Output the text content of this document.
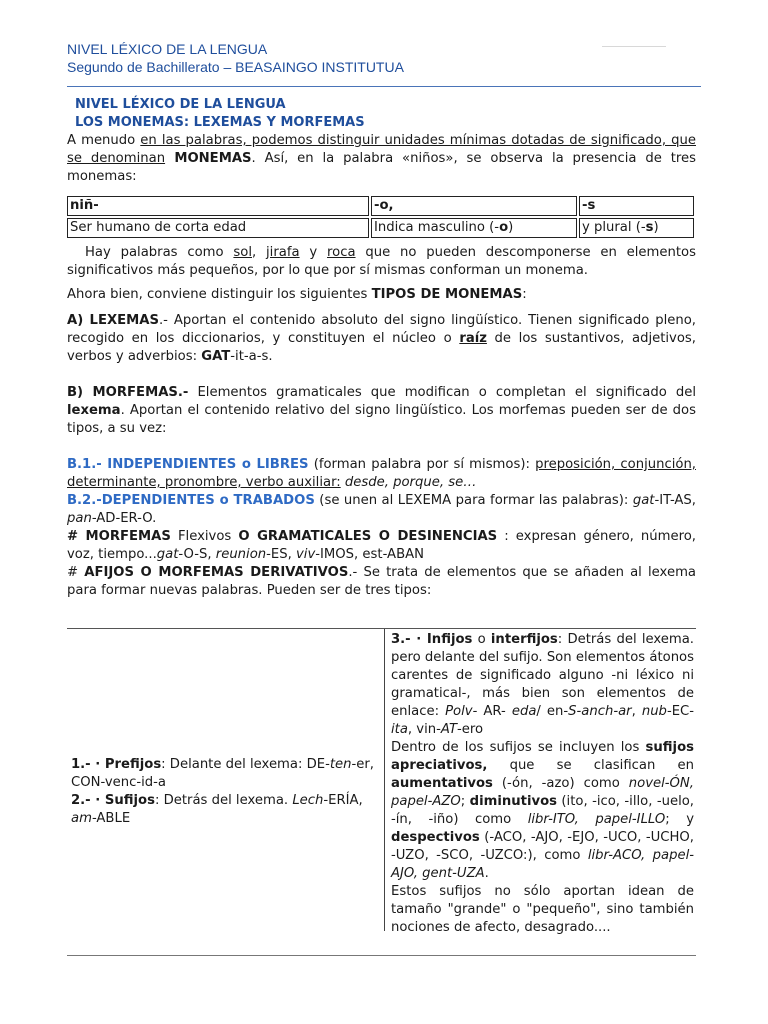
NIVEL LÉXICO DE LA LENGUA
Segundo de Bachillerato – BEASAINGO INSTITUTUA
NIVEL LÉXICO DE LA LENGUA
LOS MONEMAS: LEXEMAS Y MORFEMAS

A menudo en las palabras, podemos distinguir unidades mínimas dotadas de significado, que se denominan MONEMAS. Así, en la palabra «niños», se observa la presencia de tres monemas:

niñ-	-o,	-s
Ser humano de corta edad	Indica masculino (-o)	y plural (-s)

Hay palabras como sol, jirafa y roca que no pueden descomponerse en elementos significativos más pequeños, por lo que por sí mismas conforman un monema.

Ahora bien, conviene distinguir los siguientes TIPOS DE MONEMAS:

A) LEXEMAS.- Aportan el contenido absoluto del signo lingüístico. Tienen significado pleno, recogido en los diccionarios, y constituyen el núcleo o raíz de los sustantivos, adjetivos, verbos y adverbios: GAT-it-a-s.

B) MORFEMAS.- Elementos gramaticales que modifican o completan el significado del lexema. Aportan el contenido relativo del signo lingüístico. Los morfemas pueden ser de dos tipos, a su vez:

B.1.- INDEPENDIENTES o LIBRES (forman palabra por sí mismos): preposición, conjunción, determinante, pronombre, verbo auxiliar: desde, porque, se…

B.2.-DEPENDIENTES o TRABADOS (se unen al LEXEMA para formar las palabras): gat-IT-AS, pan-AD-ER-O.

# MORFEMAS Flexivos O GRAMATICALES O DESINENCIAS : expresan género, número, voz, tiempo...gat-O-S, reunion-ES, viv-IMOS, est-ABAN

# AFIJOS O MORFEMAS DERIVATIVOS.- Se trata de elementos que se añaden al lexema para formar nuevas palabras. Pueden ser de tres tipos:

1.- · Prefijos: Delante del lexema: DE-ten-er,
CON-venc-id-a
2.- · Sufijos: Detrás del lexema. Lech-ERÍA,
am-ABLE

3.- · Infijos o interfijos: Detrás del lexema. pero delante del sufijo. Son elementos átonos carentes de significado alguno -ni léxico ni gramatical-, más bien son elementos de enlace: Polv- AR- eda/ en-S-anch-ar, nub-EC-ita, vin-AT-ero

Dentro de los sufijos se incluyen los sufijos apreciativos, que se clasifican en aumentativos (-ón, -azo) como novel-ÓN, papel-AZO; diminutivos (ito, -ico, -illo, -uelo, -ín, -iño) como libr-ITO, papel-ILLO; y despectivos (-ACO, -AJO, -EJO, -UCO, -UCHO, -UZO, -SCO, -UZCO:), como libr-ACO, papel-AJO, gent-UZA.

Estos sufijos no sólo aportan idean de tamaño "grande" o "pequeño", sino también nociones de afecto, desagrado....
